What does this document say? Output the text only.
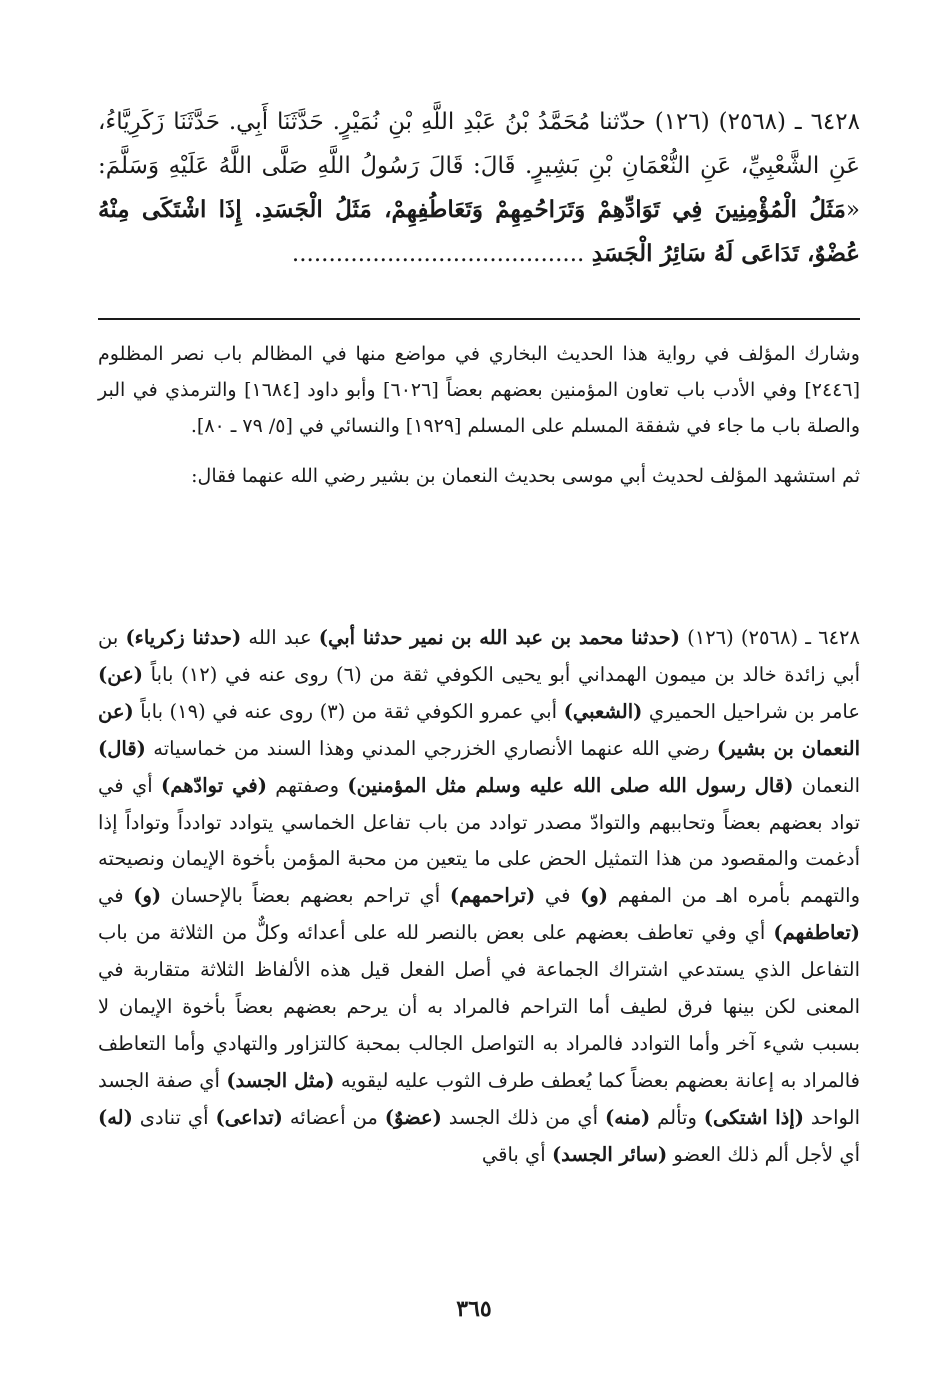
٦٤٢٨ ـ (٢٥٦٨) (١٢٦) حدّثنا مُحَمَّدُ بْنُ عَبْدِ اللَّهِ بْنِ نُمَيْرٍ. حَدَّثَنَا أَبِي. حَدَّثَنَا زَكَرِيَّاءُ، عَنِ الشَّعْبِيِّ، عَنِ النُّعْمَانِ بْنِ بَشِيرٍ. قَالَ: قَالَ رَسُولُ اللَّهِ صَلَّى اللَّهُ عَلَيْهِ وَسَلَّمَ: «مَثَلُ الْمُؤْمِنِينَ فِي تَوَادِّهِمْ وَتَرَاحُمِهِمْ وَتَعَاطُفِهِمْ، مَثَلُ الْجَسَدِ. إِذَا اشْتَكَى مِنْهُ عُضْوٌ، تَدَاعَى لَهُ سَائِرُ الْجَسَدِ ........................................

وشارك المؤلف في رواية هذا الحديث البخاري في مواضع منها في المظالم باب نصر المظلوم [٢٤٤٦] وفي الأدب باب تعاون المؤمنين بعضهم بعضاً [٦٠٢٦] وأبو داود [١٦٨٤] والترمذي في البر والصلة باب ما جاء في شفقة المسلم على المسلم [١٩٢٩] والنسائي في [٥/ ٧٩ ـ ٨٠].

ثم استشهد المؤلف لحديث أبي موسى بحديث النعمان بن بشير رضي الله عنهما فقال:

٦٤٢٨ ـ (٢٥٦٨) (١٢٦) (حدثنا محمد بن عبد الله بن نمير حدثنا أبي) عبد الله (حدثنا زكرياء) بن أبي زائدة خالد بن ميمون الهمداني أبو يحيى الكوفي ثقة من (٦) روى عنه في (١٢) باباً (عن) عامر بن شراحيل الحميري (الشعبي) أبي عمرو الكوفي ثقة من (٣) روى عنه في (١٩) باباً (عن النعمان بن بشير) رضي الله عنهما الأنصاري الخزرجي المدني وهذا السند من خماسياته (قال) النعمان (قال رسول الله صلى الله عليه وسلم مثل المؤمنين) وصفتهم (في توادّهم) أي في تواد بعضهم بعضاً وتحاببهم والتوادّ مصدر توادد من باب تفاعل الخماسي يتوادد توادداً وتواداً إذا أدغمت والمقصود من هذا التمثيل الحض على ما يتعين من محبة المؤمن بأخوة الإيمان ونصيحته والتهمم بأمره اهـ من المفهم (و) في (تراحمهم) أي تراحم بعضهم بعضاً بالإحسان (و) في (تعاطفهم) أي وفي تعاطف بعضهم على بعض بالنصر لله على أعدائه وكلٌّ من الثلاثة من باب التفاعل الذي يستدعي اشتراك الجماعة في أصل الفعل قيل هذه الألفاظ الثلاثة متقاربة في المعنى لكن بينها فرق لطيف أما التراحم فالمراد به أن يرحم بعضهم بعضاً بأخوة الإيمان لا بسبب شيء آخر وأما التوادد فالمراد به التواصل الجالب بمحبة كالتزاور والتهادي وأما التعاطف فالمراد به إعانة بعضهم بعضاً كما يُعطف طرف الثوب عليه ليقويه (مثل الجسد) أي صفة الجسد الواحد (إذا اشتكى) وتألم (منه) أي من ذلك الجسد (عضوٌ) من أعضائه (تداعى) أي تنادى (له) أي لأجل ألم ذلك العضو (سائر الجسد) أي باقي

٣٦٥
